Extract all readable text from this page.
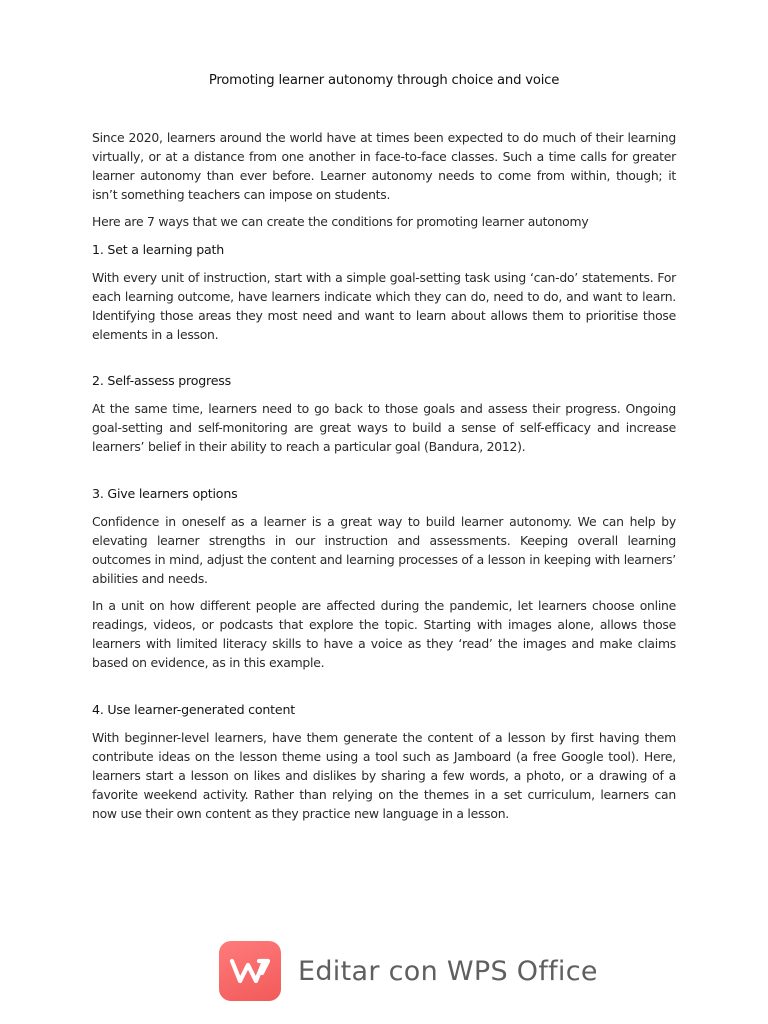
Promoting learner autonomy through choice and voice

Since 2020, learners around the world have at times been expected to do much of their learning virtually, or at a distance from one another in face-to-face classes. Such a time calls for greater learner autonomy than ever before. Learner autonomy needs to come from within, though; it isn’t something teachers can impose on students.

Here are 7 ways that we can create the conditions for promoting learner autonomy

1. Set a learning path

With every unit of instruction, start with a simple goal-setting task using ‘can-do’ statements. For each learning outcome, have learners indicate which they can do, need to do, and want to learn. Identifying those areas they most need and want to learn about allows them to prioritise those elements in a lesson.

2. Self-assess progress

At the same time, learners need to go back to those goals and assess their progress. Ongoing goal-setting and self-monitoring are great ways to build a sense of self-efficacy and increase learners’ belief in their ability to reach a particular goal (Bandura, 2012).

3. Give learners options

Confidence in oneself as a learner is a great way to build learner autonomy. We can help by elevating learner strengths in our instruction and assessments. Keeping overall learning outcomes in mind, adjust the content and learning processes of a lesson in keeping with learners’ abilities and needs.

In a unit on how different people are affected during the pandemic, let learners choose online readings, videos, or podcasts that explore the topic. Starting with images alone, allows those learners with limited literacy skills to have a voice as they ‘read’ the images and make claims based on evidence, as in this example.

4. Use learner-generated content

With beginner-level learners, have them generate the content of a lesson by first having them contribute ideas on the lesson theme using a tool such as Jamboard (a free Google tool). Here, learners start a lesson on likes and dislikes by sharing a few words, a photo, or a drawing of a favorite weekend activity. Rather than relying on the themes in a set curriculum, learners can now use their own content as they practice new language in a lesson.

Editar con WPS Office
